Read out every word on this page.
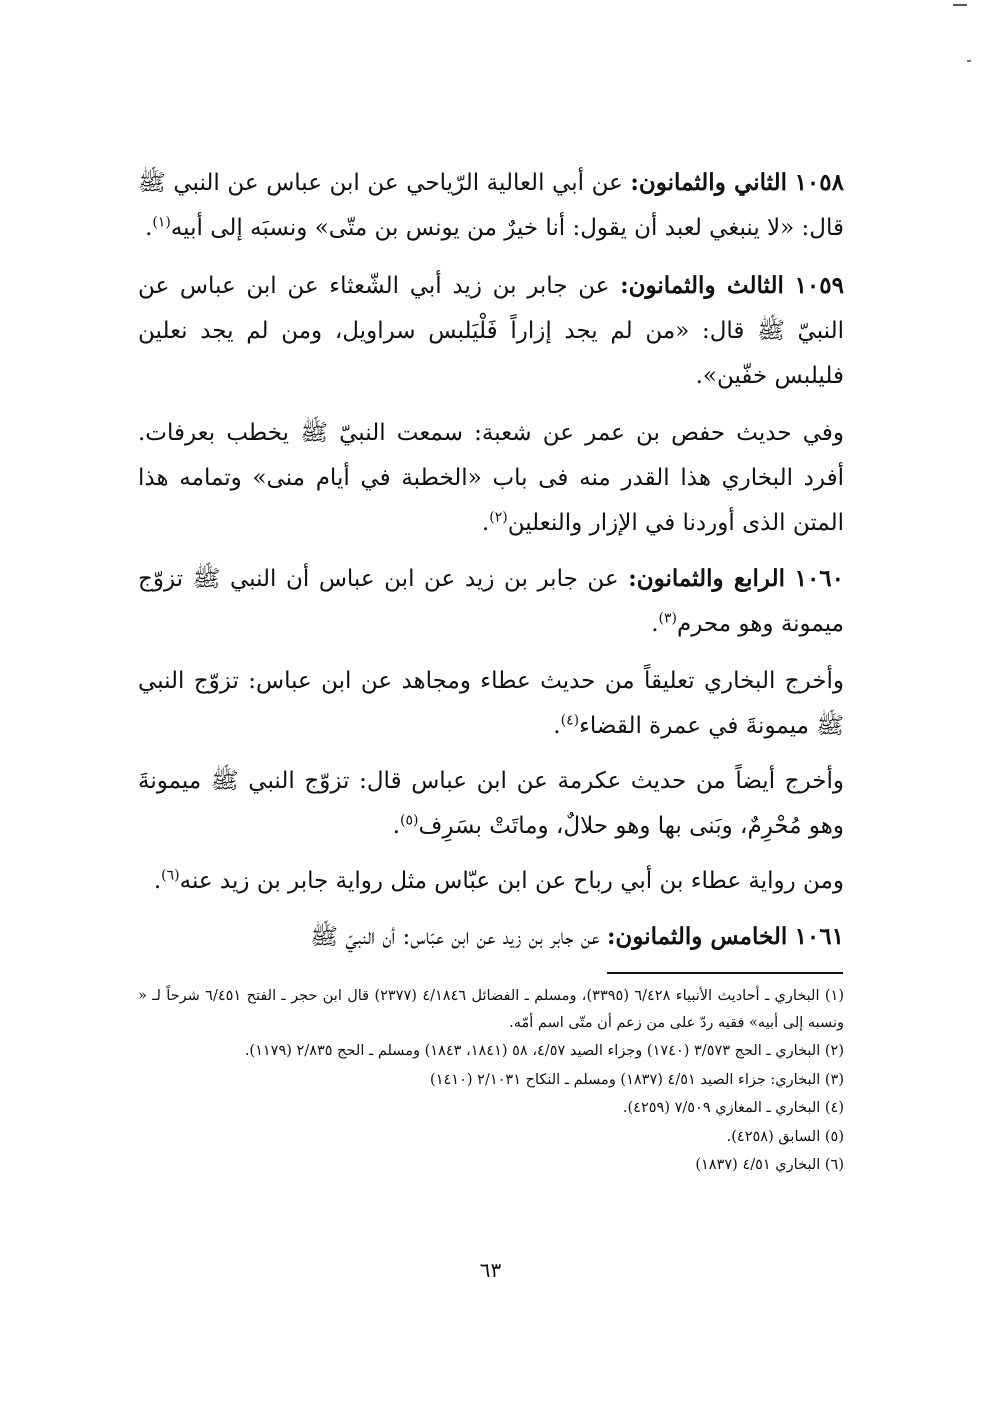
١٠٥٨ الثاني والثمانون: عن أبي العالية الرّياحي عن ابن عباس عن النبي ﷺ قال: «لا ينبغي لعبد أن يقول: أنا خيرٌ من يونس بن متّى» ونسبَه إلى أبيه$^{(١)}$.

١٠٥٩ الثالث والثمانون: عن جابر بن زيد أبي الشّعثاء عن ابن عباس عن النبيّ ﷺ قال: «من لم يجد إزاراً فَلْيَلبس سراويل، ومن لم يجد نعلين فليلبس خفّين».

وفي حديث حفص بن عمر عن شعبة: سمعت النبيّ ﷺ يخطب بعرفات. أفرد البخاري هذا القدر منه فى باب «الخطبة في أيام منى» وتمامه هذا المتن الذى أوردنا في الإزار والنعلين$^{(٢)}$.

١٠٦٠ الرابع والثمانون: عن جابر بن زيد عن ابن عباس أن النبي ﷺ تزوّج ميمونة وهو محرم$^{(٣)}$.

وأخرج البخاري تعليقاً من حديث عطاء ومجاهد عن ابن عباس: تزوّج النبي ﷺ ميمونةَ في عمرة القضاء$^{(٤)}$.

وأخرج أيضاً من حديث عكرمة عن ابن عباس قال: تزوّج النبي ﷺ ميمونةَ وهو مُحْرِمٌ، وبَنى بها وهو حلالٌ، وماتَتْ بسَرِف$^{(٥)}$.

ومن رواية عطاء بن أبي رباح عن ابن عبّاس مثل رواية جابر بن زيد عنه$^{(٦)}$.

١٠٦١ الخامس والثمانون: عن جابر بن زيد عن ابن عبّاس: أن النبيّ ﷺ

(١) البخاري ـ أحاديث الأنبياء ٦/٤٢٨ (٣٣٩٥)، ومسلم ـ الفضائل ٤/١٨٤٦ (٢٣٧٧) قال ابن حجر ـ الفتح ٦/٤٥١ شرحاً لـ « ونسبه إلى أبيه» فقيه ردّ على من زعم أن متّى اسم أمّه.

(٢) البخاري ـ الحج ٣/٥٧٣ (١٧٤٠) وجزاء الصيد ٤/٥٧، ٥٨ (١٨٤١، ١٨٤٣) ومسلم ـ الحج ٢/٨٣٥ (١١٧٩).

(٣) البخاري: جزاء الصيد ٤/٥١ (١٨٣٧) ومسلم ـ النكاح ٢/١٠٣١ (١٤١٠)

(٤) البخاري ـ المغازي ٧/٥٠٩ (٤٢٥٩).

(٥) السابق (٤٢٥٨).

(٦) البخاري ٤/٥١ (١٨٣٧)

٦٣
